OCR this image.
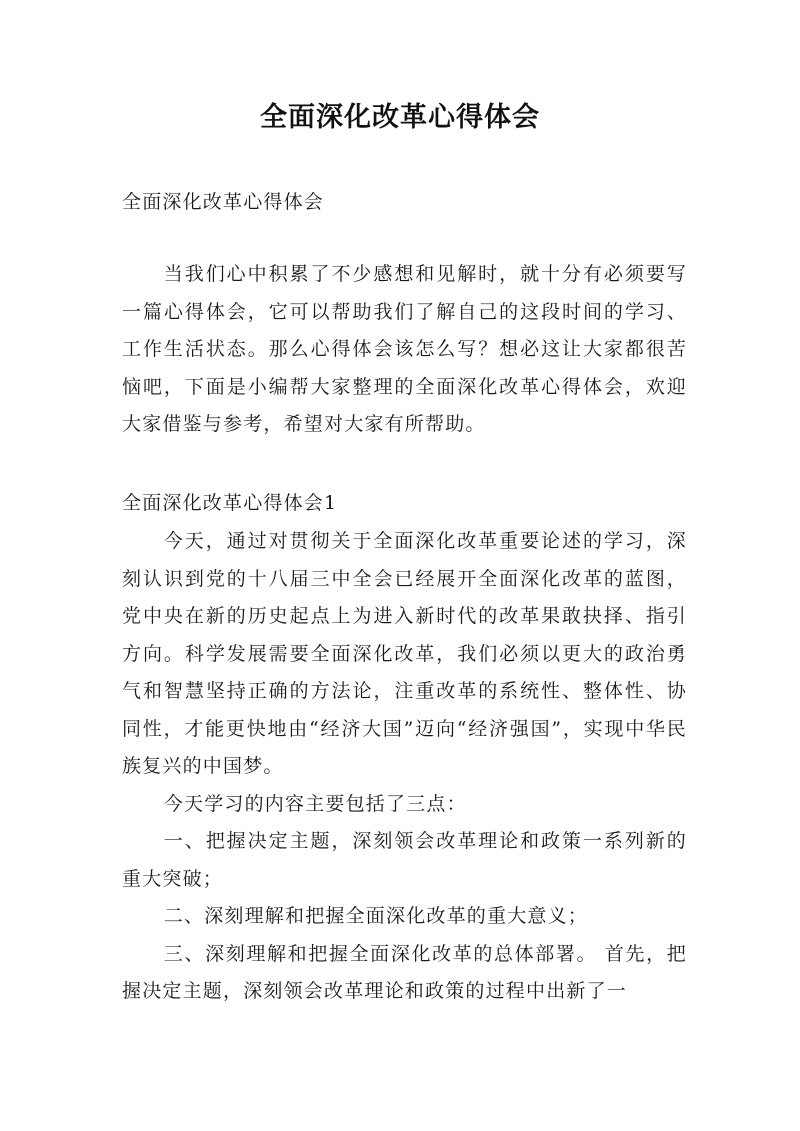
全面深化改革心得体会
全面深化改革心得体会
当我们心中积累了不少感想和见解时，就十分有必须要写一篇心得体会，它可以帮助我们了解自己的这段时间的学习、工作生活状态。那么心得体会该怎么写？想必这让大家都很苦恼吧，下面是小编帮大家整理的全面深化改革心得体会，欢迎大家借鉴与参考，希望对大家有所帮助。
全面深化改革心得体会1

今天，通过对贯彻关于全面深化改革重要论述的学习，深刻认识到党的十八届三中全会已经展开全面深化改革的蓝图，党中央在新的历史起点上为进入新时代的改革果敢抉择、指引方向。科学发展需要全面深化改革，我们必须以更大的政治勇气和智慧坚持正确的方法论，注重改革的系统性、整体性、协同性，才能更快地由“经济大国”迈向“经济强国”，实现中华民族复兴的中国梦。

今天学习的内容主要包括了三点：

一、把握决定主题，深刻领会改革理论和政策一系列新的重大突破；

二、深刻理解和把握全面深化改革的重大意义；

三、深刻理解和把握全面深化改革的总体部署。 首先，把握决定主题，深刻领会改革理论和政策的过程中出新了一
